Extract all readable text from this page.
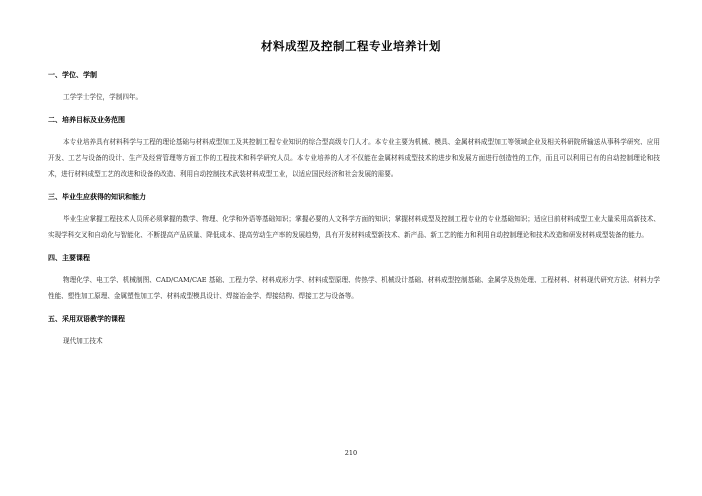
材料成型及控制工程专业培养计划
一、学位、学制
工学学士学位，学制四年。
二、培养目标及业务范围
本专业培养具有材料科学与工程的理论基础与材料成型加工及其控制工程专业知识的综合型高级专门人才。本专业主要为机械、模具、金属材料成型加工等领域企业及相关科研院所输送从事科学研究、应用开发、工艺与设备的设计、生产及经营管理等方面工作的工程技术和科学研究人员。本专业培养的人才不仅能在金属材料成型技术的进步和发展方面进行创造性的工作，而且可以利用已有的自动控制理论和技术，进行材料成型工艺的改进和设备的改造、利用自动控制技术武装材料成型工业，以适应国民经济和社会发展的需要。
三、毕业生应获得的知识和能力
毕业生应掌握工程技术人员所必须掌握的数学、物理、化学和外语等基础知识；掌握必要的人文科学方面的知识；掌握材料成型及控制工程专业的专业基础知识；适应目前材料成型工业大量采用高新技术、实现学科交叉和自动化与智能化、不断提高产品质量、降低成本、提高劳动生产率的发展趋势，具有开发材料成型新技术、新产品、新工艺的能力和利用自动控制理论和技术改造和研发材料成型装备的能力。
四、主要课程
物理化学、电工学、机械制图、CAD/CAM/CAE 基础、工程力学、材料成形力学、材料成型原理、传热学、机械设计基础、材料成型控制基础、金属学及热处理、工程材料、材料现代研究方法、材料力学性能、塑性加工原理、金属塑性加工学、材料成型模具设计、焊接冶金学、焊接结构、焊接工艺与设备等。
五、采用双语教学的课程
现代加工技术
210
